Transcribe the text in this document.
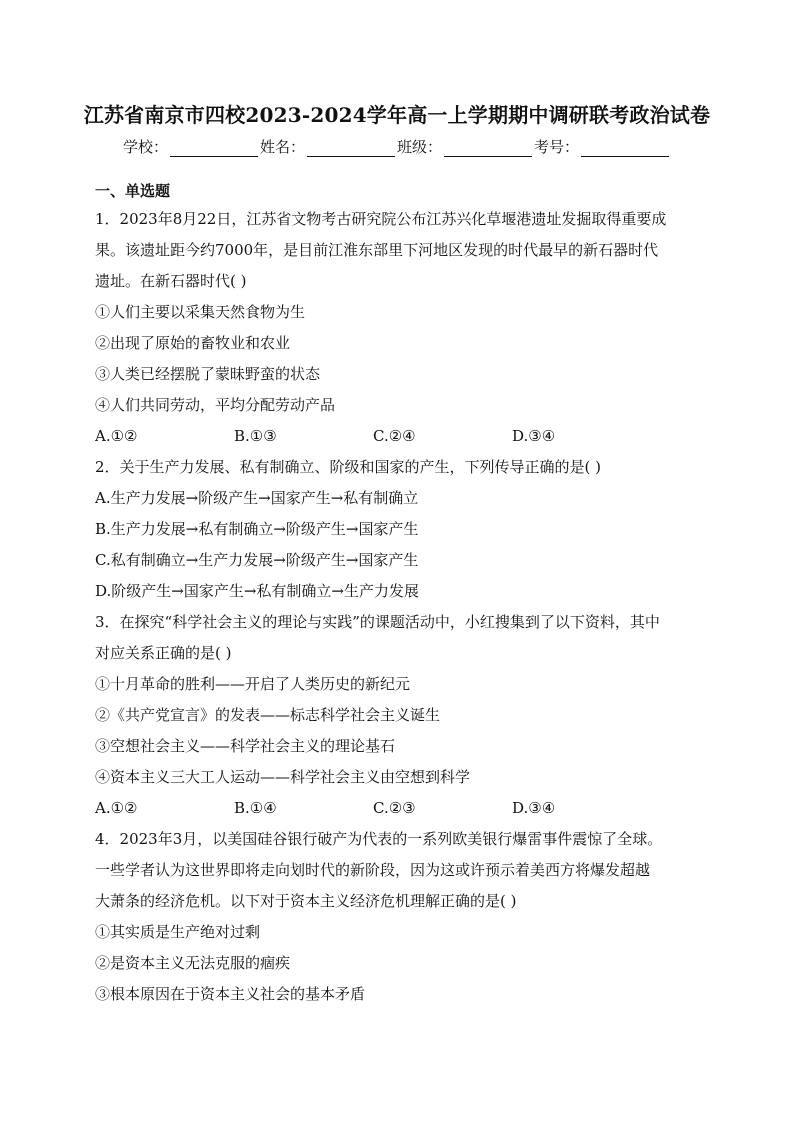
江苏省南京市四校2023-2024学年高一上学期期中调研联考政治试卷
学校：	姓名：	班级：	考号：
一、单选题
1．2023年8月22日，江苏省文物考古研究院公布江苏兴化草堰港遗址发掘取得重要成
果。该遗址距今约7000年，是目前江淮东部里下河地区发现的时代最早的新石器时代
遗址。在新石器时代( )
①人们主要以采集天然食物为生
②出现了原始的畜牧业和农业
③人类已经摆脱了蒙昧野蛮的状态
④人们共同劳动，平均分配劳动产品
A.①②	B.①③	C.②④	D.③④
2．关于生产力发展、私有制确立、阶级和国家的产生，下列传导正确的是( )
A.生产力发展→阶级产生→国家产生→私有制确立
B.生产力发展→私有制确立→阶级产生→国家产生
C.私有制确立→生产力发展→阶级产生→国家产生
D.阶级产生→国家产生→私有制确立→生产力发展
3．在探究“科学社会主义的理论与实践”的课题活动中，小红搜集到了以下资料，其中
对应关系正确的是( )
①十月革命的胜利——开启了人类历史的新纪元
②《共产党宣言》的发表——标志科学社会主义诞生
③空想社会主义——科学社会主义的理论基石
④资本主义三大工人运动——科学社会主义由空想到科学
A.①②	B.①④	C.②③	D.③④
4．2023年3月，以美国硅谷银行破产为代表的一系列欧美银行爆雷事件震惊了全球。
一些学者认为这世界即将走向划时代的新阶段，因为这或许预示着美西方将爆发超越
大萧条的经济危机。以下对于资本主义经济危机理解正确的是( )
①其实质是生产绝对过剩
②是资本主义无法克服的痼疾
③根本原因在于资本主义社会的基本矛盾
